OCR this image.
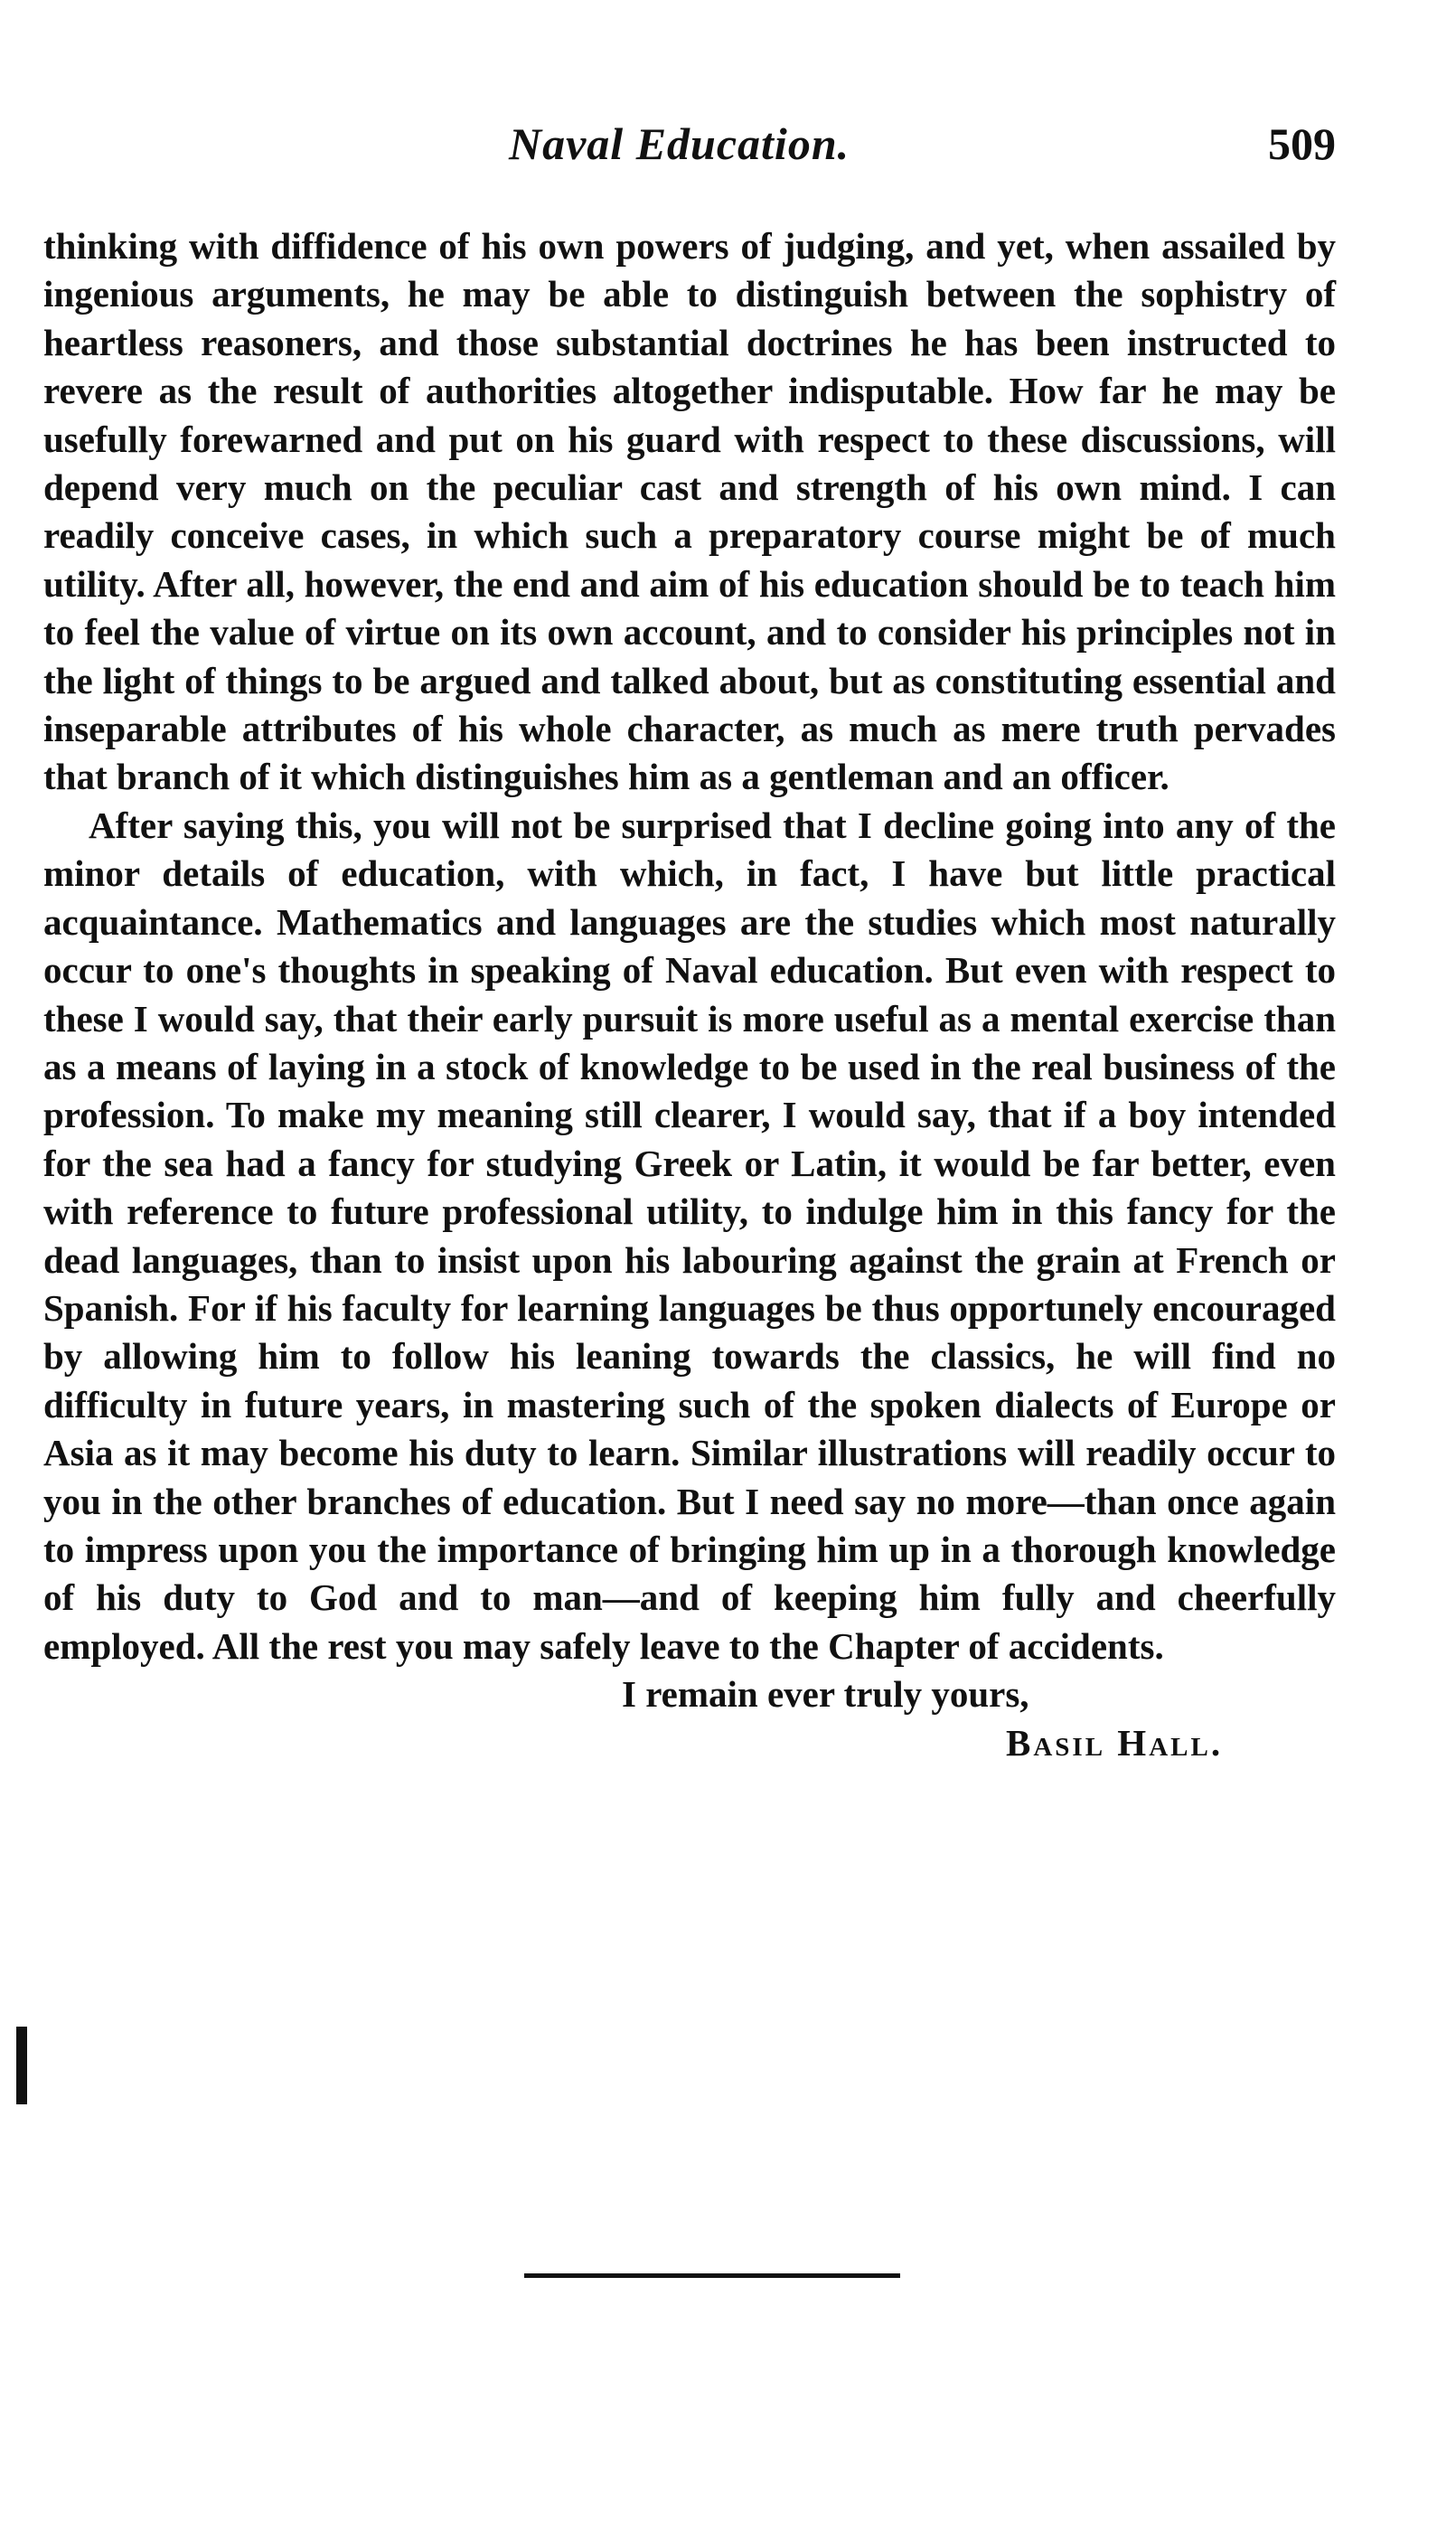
Naval Education.	509

thinking with diffidence of his own powers of judging, and yet, when assailed by ingenious arguments, he may be able to distinguish between the sophistry of heartless reasoners, and those substantial doctrines he has been instructed to revere as the result of authorities altogether indisputable. How far he may be usefully forewarned and put on his guard with respect to these discussions, will depend very much on the peculiar cast and strength of his own mind. I can readily conceive cases, in which such a preparatory course might be of much utility. After all, however, the end and aim of his education should be to teach him to feel the value of virtue on its own account, and to consider his principles not in the light of things to be argued and talked about, but as constituting essential and inseparable attributes of his whole character, as much as mere truth pervades that branch of it which distinguishes him as a gentleman and an officer.

After saying this, you will not be surprised that I decline going into any of the minor details of education, with which, in fact, I have but little practical acquaintance. Mathematics and languages are the studies which most naturally occur to one's thoughts in speaking of Naval education. But even with respect to these I would say, that their early pursuit is more useful as a mental exercise than as a means of laying in a stock of knowledge to be used in the real business of the profession. To make my meaning still clearer, I would say, that if a boy intended for the sea had a fancy for studying Greek or Latin, it would be far better, even with reference to future professional utility, to indulge him in this fancy for the dead languages, than to insist upon his labouring against the grain at French or Spanish. For if his faculty for learning languages be thus opportunely encouraged by allowing him to follow his leaning towards the classics, he will find no difficulty in future years, in mastering such of the spoken dialects of Europe or Asia as it may become his duty to learn. Similar illustrations will readily occur to you in the other branches of education. But I need say no more—than once again to impress upon you the importance of bringing him up in a thorough knowledge of his duty to God and to man—and of keeping him fully and cheerfully employed. All the rest you may safely leave to the Chapter of accidents.

I remain ever truly yours,
Basil Hall.
